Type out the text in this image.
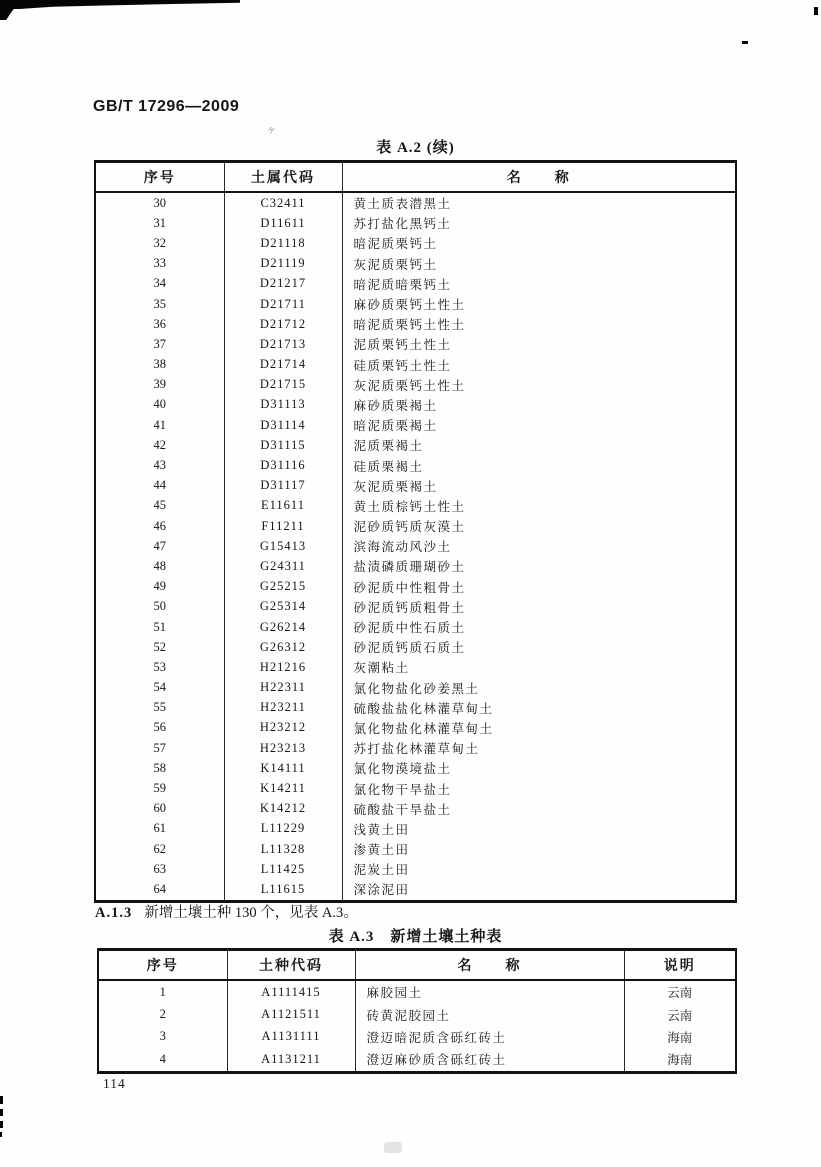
GB/T 17296—2009
ヶ
表 A.2 (续)
序号	土属代码	名　　称
30	C32411	黄土质表潜黑土
31	D11611	苏打盐化黑钙土
32	D21118	暗泥质栗钙土
33	D21119	灰泥质栗钙土
34	D21217	暗泥质暗栗钙土
35	D21711	麻砂质栗钙土性土
36	D21712	暗泥质栗钙土性土
37	D21713	泥质栗钙土性土
38	D21714	硅质栗钙土性土
39	D21715	灰泥质栗钙土性土
40	D31113	麻砂质栗褐土
41	D31114	暗泥质栗褐土
42	D31115	泥质栗褐土
43	D31116	硅质栗褐土
44	D31117	灰泥质栗褐土
45	E11611	黄土质棕钙土性土
46	F11211	泥砂质钙质灰漠土
47	G15413	滨海流动风沙土
48	G24311	盐渍磷质珊瑚砂土
49	G25215	砂泥质中性粗骨土
50	G25314	砂泥质钙质粗骨土
51	G26214	砂泥质中性石质土
52	G26312	砂泥质钙质石质土
53	H21216	灰潮粘土
54	H22311	氯化物盐化砂姜黑土
55	H23211	硫酸盐盐化林灌草甸土
56	H23212	氯化物盐化林灌草甸土
57	H23213	苏打盐化林灌草甸土
58	K14111	氯化物漠境盐土
59	K14211	氯化物干旱盐土
60	K14212	硫酸盐干旱盐土
61	L11229	浅黄土田
62	L11328	渗黄土田
63	L11425	泥炭土田
64	L11615	深涂泥田

A.1.3 新增土壤土种 130 个，见表 A.3。

表 A.3　新增土壤土种表
序号	土种代码	名　　称	说明
1	A1111415	麻胶园土	云南
2	A1121511	砖黄泥胶园土	云南
3	A1131111	澄迈暗泥质含砾红砖土	海南
4	A1131211	澄迈麻砂质含砾红砖土	海南
114
